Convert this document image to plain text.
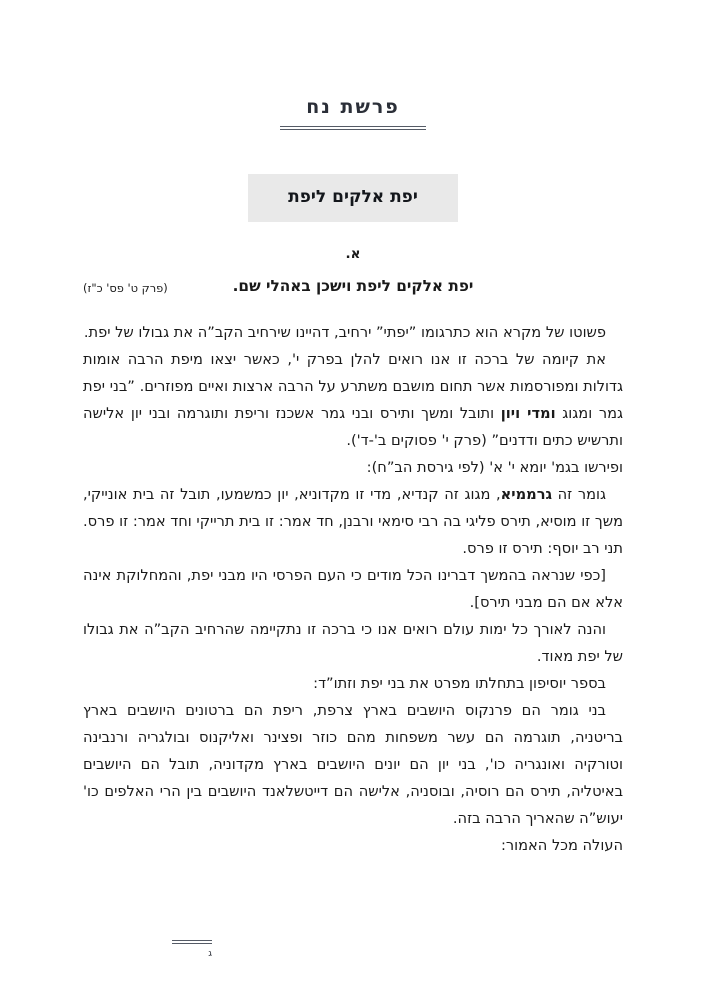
פרשת נח
יפת אלקים ליפת
א.
(פרק ט' פס' כ"ז)	יפת אלקים ליפת וישכן באהלי שם.

פשוטו של מקרא הוא כתרגומו ”יפתי” ירחיב, דהיינו שירחיב הקב”ה את גבולו של יפת.

את קיומה של ברכה זו אנו רואים להלן בפרק י', כאשר יצאו מיפת הרבה אומות גדולות ומפורסמות אשר תחום מושבם משתרע על הרבה ארצות ואיים מפוזרים. ”בני יפת גמר ומגוג ומדי ויון ותובל ומשך ותירס ובני גמר אשכנז וריפת ותוגרמה ובני יון אלישה ותרשיש כתים ודדנים” (פרק י' פסוקים ב'-ד').

ופירשו בגמ' יומא י' א' (לפי גירסת הב”ח):

גומר זה גרממיא, מגוג זה קנדיא, מדי זו מקדוניא, יון כמשמעו, תובל זה בית אונייקי, משך זו מוסיא, תירס פליגי בה רבי סימאי ורבנן, חד אמר: זו בית תרייקי וחד אמר: זו פרס. תני רב יוסף: תירס זו פרס.

[כפי שנראה בהמשך דברינו הכל מודים כי העם הפרסי היו מבני יפת, והמחלוקת אינה אלא אם הם מבני תירס].

והנה לאורך כל ימות עולם רואים אנו כי ברכה זו נתקיימה שהרחיב הקב”ה את גבולו של יפת מאוד.

בספר יוסיפון בתחלתו מפרט את בני יפת וזתו”ד:

בני גומר הם פרנקוס היושבים בארץ צרפת, ריפת הם ברטונים היושבים בארץ בריטניה, תוגרמה הם עשר משפחות מהם כוזר ופצינר ואליקנוס ובולגריה ורנבינה וטורקיה ואונגריה כו', בני יון הם יונים היושבים בארץ מקדוניה, תובל הם היושבים באיטליה, תירס הם רוסיה, ובוסניה, אלישה הם דייטשלאנד היושבים בין הרי האלפים כו' יעוש”ה שהאריך הרבה בזה.

העולה מכל האמור:

ג
